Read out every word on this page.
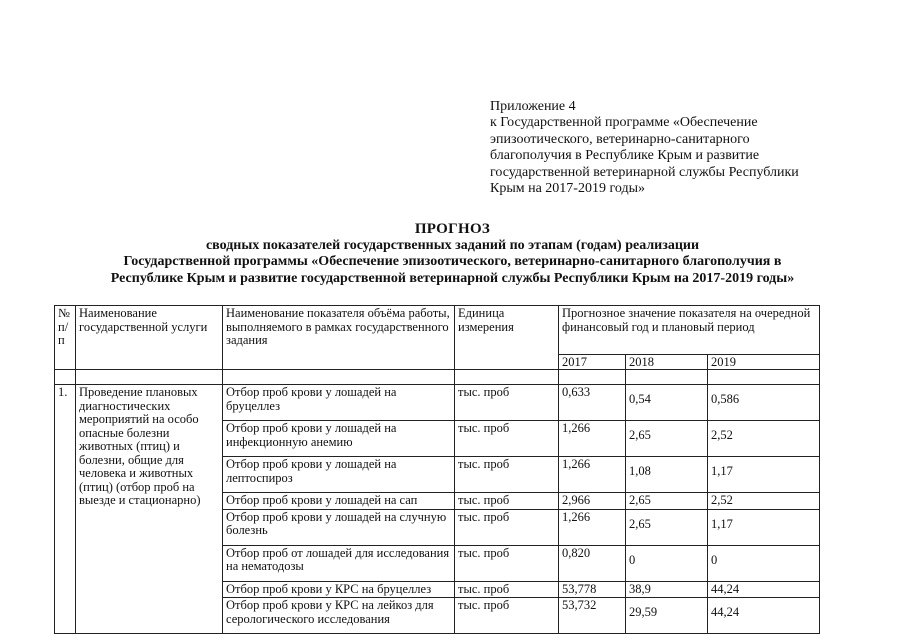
Приложение 4
к Государственной программе «Обеспечение
эпизоотического, ветеринарно-санитарного
благополучия в Республике Крым и развитие
государственной ветеринарной службы Республики
Крым на 2017-2019 годы»
ПРОГНОЗ
сводных показателей государственных заданий по этапам (годам) реализации
Государственной программы «Обеспечение эпизоотического, ветеринарно-санитарного благополучия в
Республике Крым и развитие государственной ветеринарной службы Республики Крым на 2017-2019 годы»
№ п/п	Наименование государственной услуги	Наименование показателя объёма работы, выполняемого в рамках государственного задания	Единица измерения	Прогнозное значение показателя на очередной финансовый год и плановый период		
				2017	2018	2019

1.	Проведение плановых диагностических мероприятий на особо опасные болезни животных (птиц) и болезни, общие для человека и животных (птиц) (отбор проб на выезде и стационарно)	Отбор проб крови у лошадей на бруцеллез	тыс. проб	0,633	0,54	0,586
		Отбор проб крови у лошадей на инфекционную анемию	тыс. проб	1,266	2,65	2,52
		Отбор проб крови у лошадей на лептоспироз	тыс. проб	1,266	1,08	1,17
		Отбор проб крови у лошадей на сап	тыс. проб	2,966	2,65	2,52
		Отбор проб крови у лошадей на случную болезнь	тыс. проб	1,266	2,65	1,17
		Отбор проб от лошадей для исследования на нематодозы	тыс. проб	0,820	0	0
		Отбор проб крови у КРС на бруцеллез	тыс. проб	53,778	38,9	44,24
		Отбор проб крови у КРС на лейкоз для серологического исследования	тыс. проб	53,732	29,59	44,24
